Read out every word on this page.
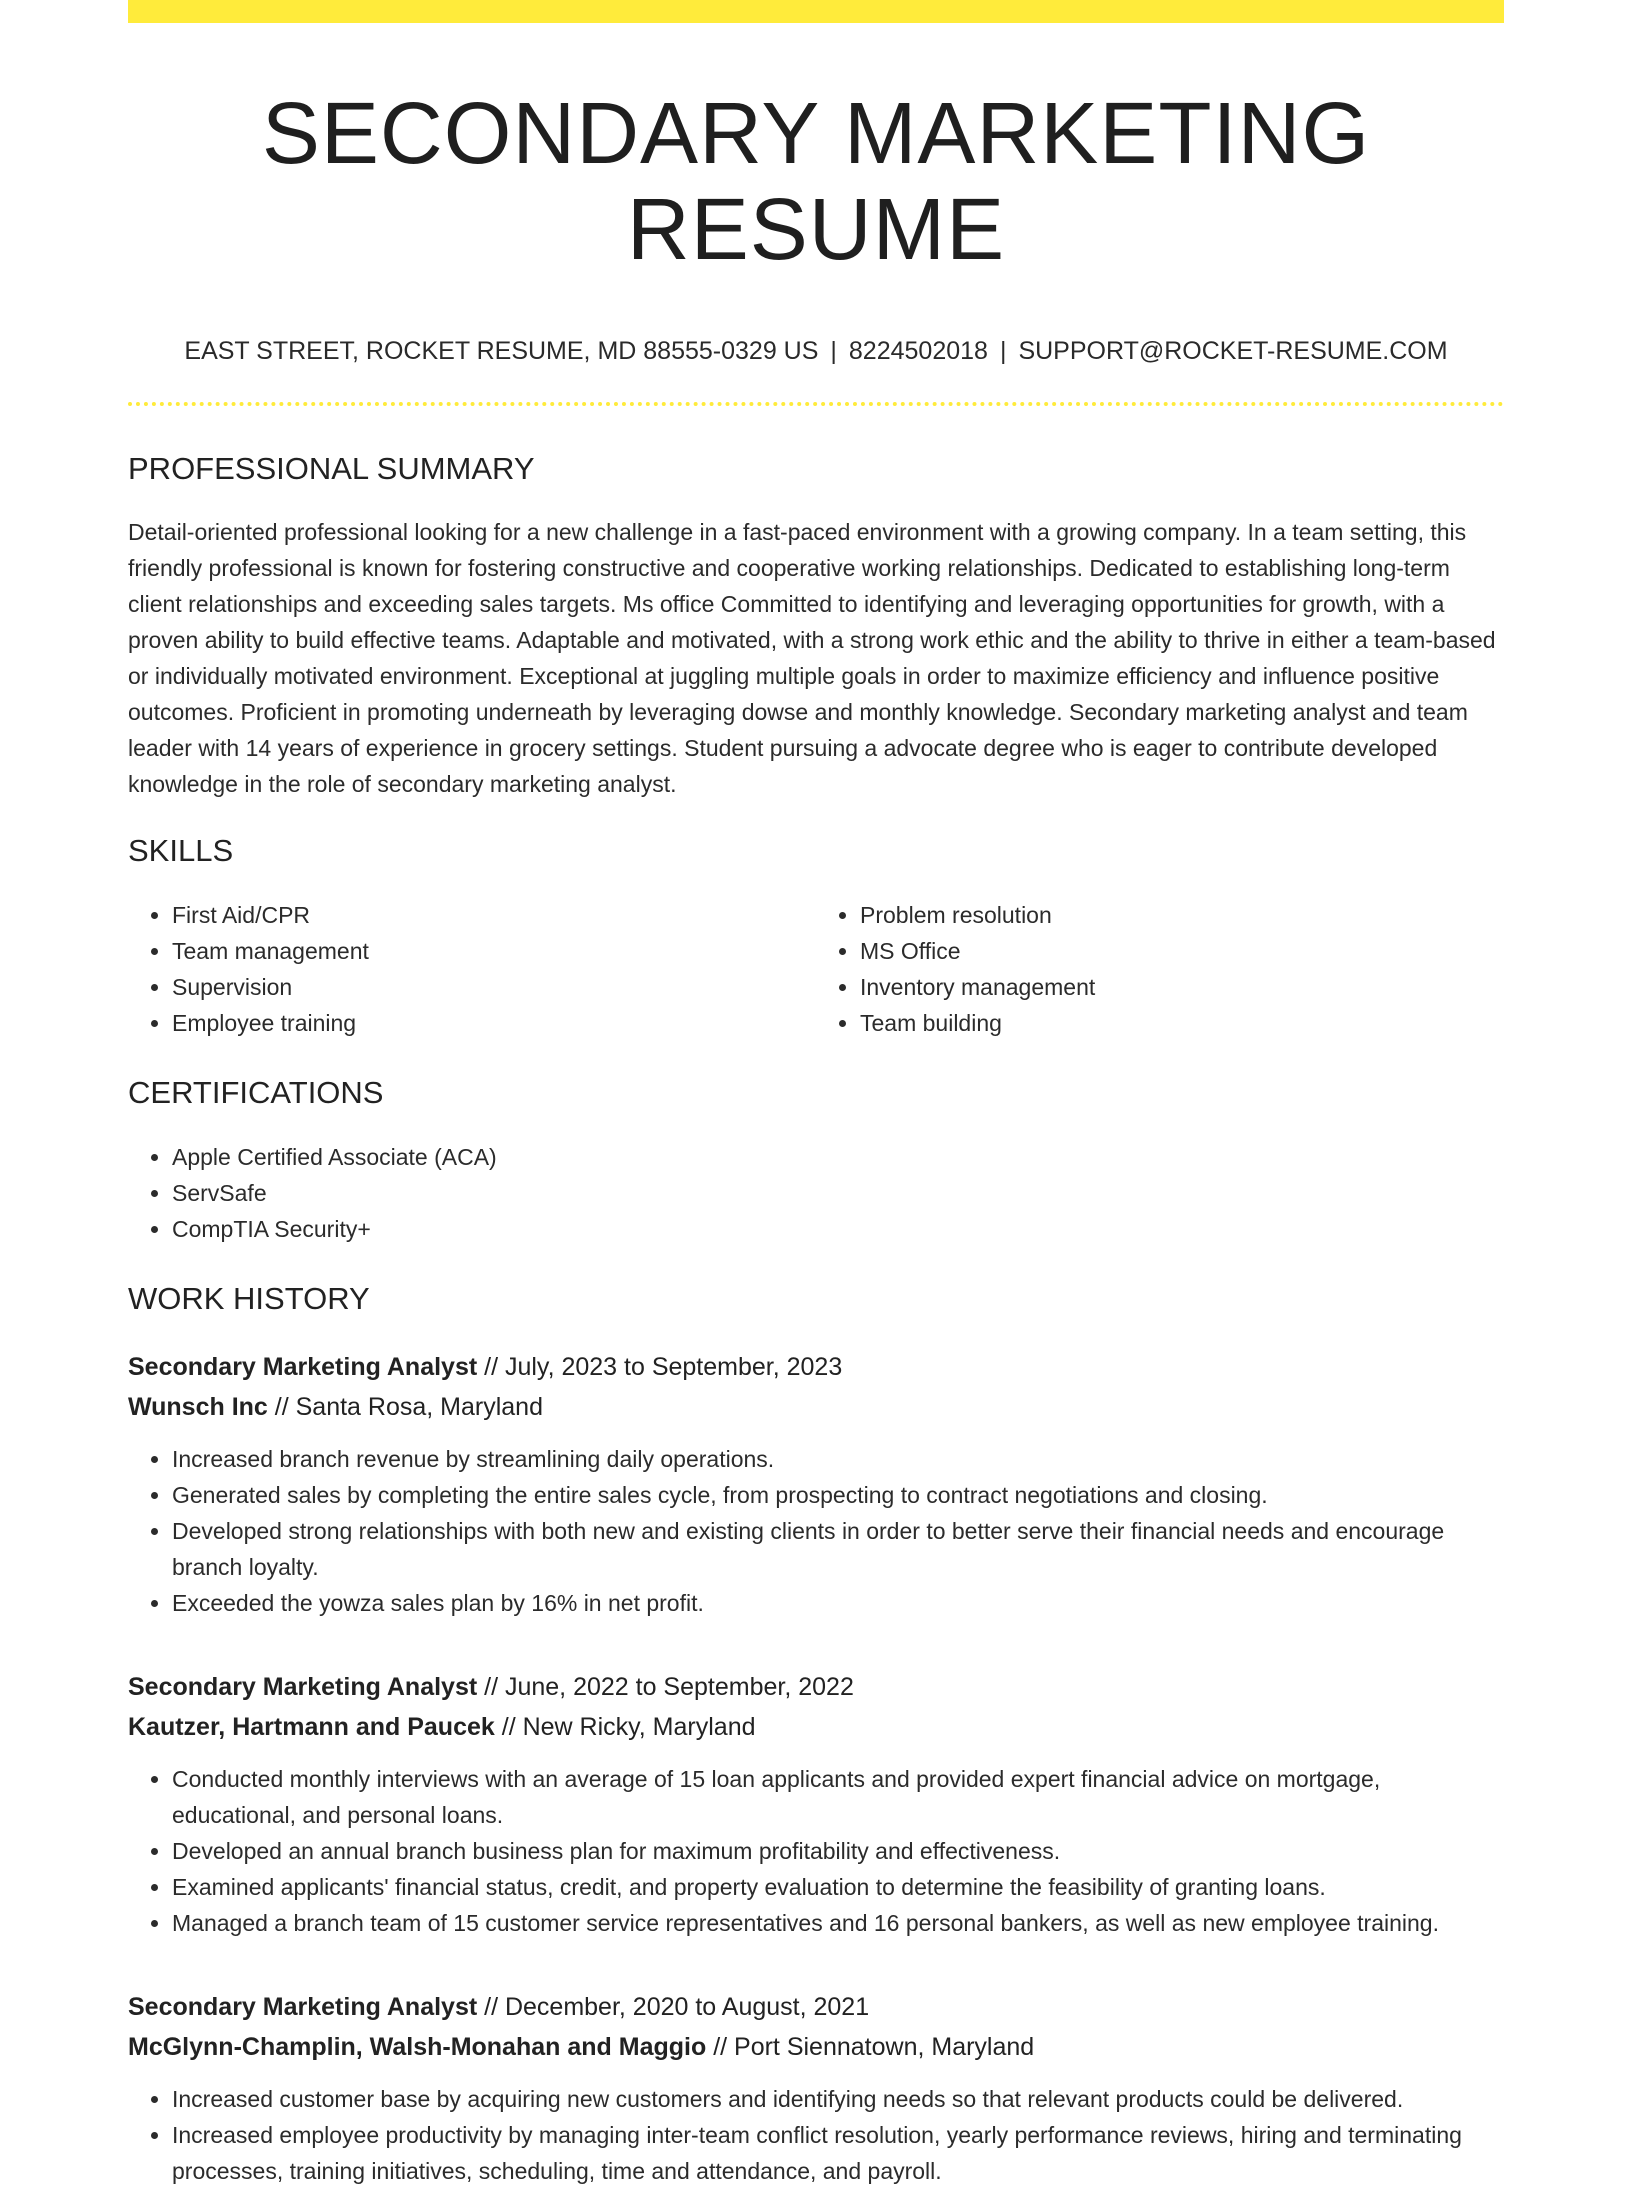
SECONDARY MARKETING RESUME
EAST STREET, ROCKET RESUME, MD 88555-0329 US | 8224502018 | SUPPORT@ROCKET-RESUME.COM
PROFESSIONAL SUMMARY

Detail-oriented professional looking for a new challenge in a fast-paced environment with a growing company. In a team setting, this friendly professional is known for fostering constructive and cooperative working relationships. Dedicated to establishing long-term client relationships and exceeding sales targets. Ms office Committed to identifying and leveraging opportunities for growth, with a proven ability to build effective teams. Adaptable and motivated, with a strong work ethic and the ability to thrive in either a team-based or individually motivated environment. Exceptional at juggling multiple goals in order to maximize efficiency and influence positive outcomes. Proficient in promoting underneath by leveraging dowse and monthly knowledge. Secondary marketing analyst and team leader with 14 years of experience in grocery settings. Student pursuing a advocate degree who is eager to contribute developed knowledge in the role of secondary marketing analyst.

SKILLS
• First Aid/CPR
• Team management
• Supervision
• Employee training
• Problem resolution
• MS Office
• Inventory management
• Team building
CERTIFICATIONS
• Apple Certified Associate (ACA)
• ServSafe
• CompTIA Security+
WORK HISTORY
Secondary Marketing Analyst // July, 2023 to September, 2023
Wunsch Inc // Santa Rosa, Maryland
• Increased branch revenue by streamlining daily operations.
• Generated sales by completing the entire sales cycle, from prospecting to contract negotiations and closing.
• Developed strong relationships with both new and existing clients in order to better serve their financial needs and encourage branch loyalty.
• Exceeded the yowza sales plan by 16% in net profit.
Secondary Marketing Analyst // June, 2022 to September, 2022
Kautzer, Hartmann and Paucek // New Ricky, Maryland
• Conducted monthly interviews with an average of 15 loan applicants and provided expert financial advice on mortgage, educational, and personal loans.
• Developed an annual branch business plan for maximum profitability and effectiveness.
• Examined applicants' financial status, credit, and property evaluation to determine the feasibility of granting loans.
• Managed a branch team of 15 customer service representatives and 16 personal bankers, as well as new employee training.
Secondary Marketing Analyst // December, 2020 to August, 2021
McGlynn-Champlin, Walsh-Monahan and Maggio // Port Siennatown, Maryland
• Increased customer base by acquiring new customers and identifying needs so that relevant products could be delivered.
• Increased employee productivity by managing inter-team conflict resolution, yearly performance reviews, hiring and terminating processes, training initiatives, scheduling, time and attendance, and payroll.
